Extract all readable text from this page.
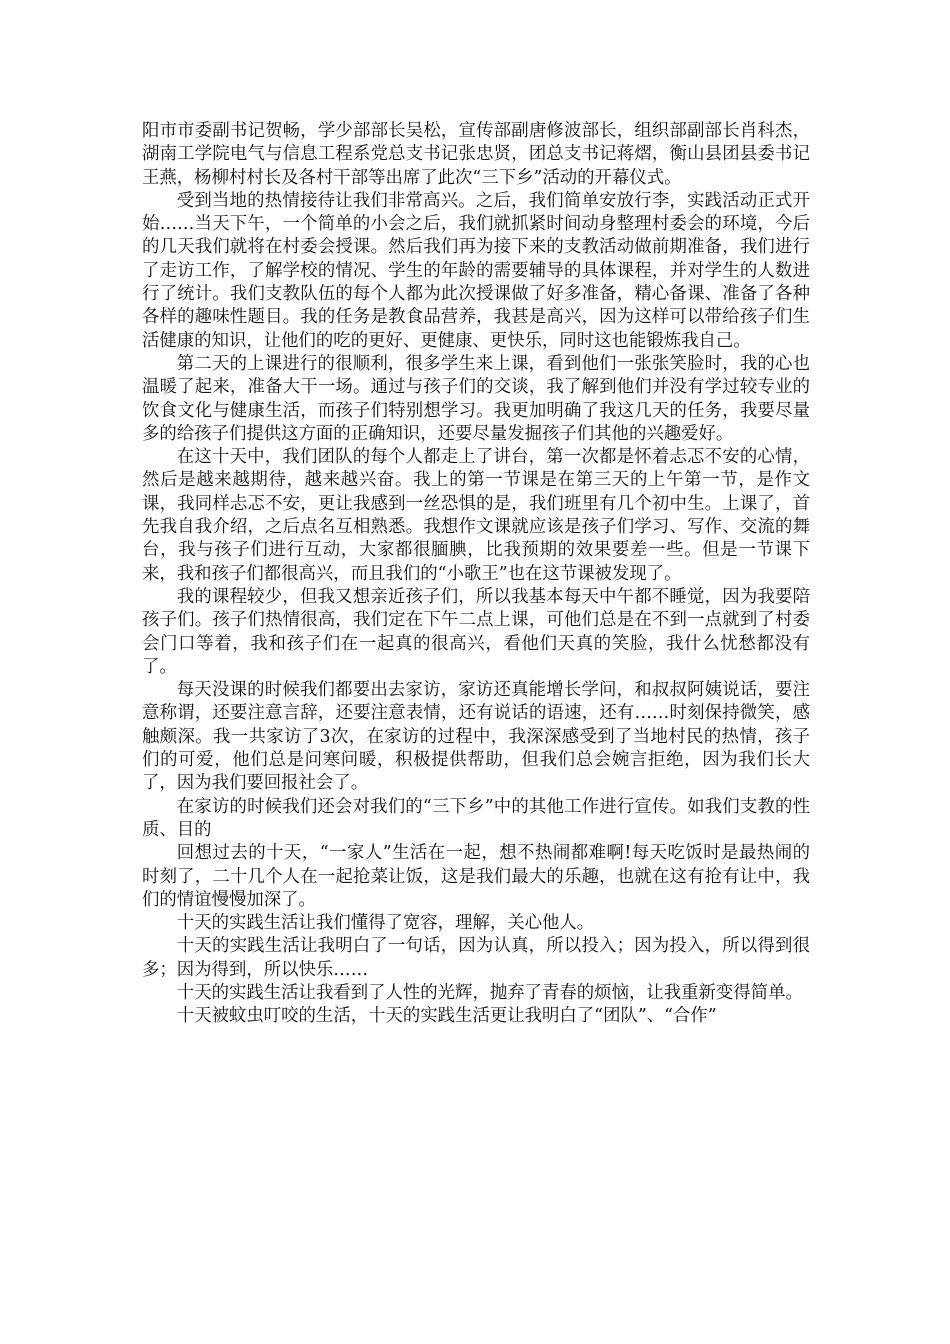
阳市市委副书记贺畅，学少部部长吴松，宣传部副唐修波部长，组织部副部长肖科杰，湖南工学院电气与信息工程系党总支书记张忠贤，团总支书记蒋熠，衡山县团县委书记王燕，杨柳村村长及各村干部等出席了此次“三下乡”活动的开幕仪式。

受到当地的热情接待让我们非常高兴。之后，我们简单安放行李，实践活动正式开始……当天下午，一个简单的小会之后，我们就抓紧时间动身整理村委会的环境，今后的几天我们就将在村委会授课。然后我们再为接下来的支教活动做前期准备，我们进行了走访工作，了解学校的情况、学生的年龄的需要辅导的具体课程，并对学生的人数进行了统计。我们支教队伍的每个人都为此次授课做了好多准备，精心备课、准备了各种各样的趣味性题目。我的任务是教食品营养，我甚是高兴，因为这样可以带给孩子们生活健康的知识，让他们的吃的更好、更健康、更快乐，同时这也能锻炼我自己。

第二天的上课进行的很顺利，很多学生来上课，看到他们一张张笑脸时，我的心也温暖了起来，准备大干一场。通过与孩子们的交谈，我了解到他们并没有学过较专业的饮食文化与健康生活，而孩子们特别想学习。我更加明确了我这几天的任务，我要尽量多的给孩子们提供这方面的正确知识，还要尽量发掘孩子们其他的兴趣爱好。

在这十天中，我们团队的每个人都走上了讲台，第一次都是怀着忐忑不安的心情，然后是越来越期待，越来越兴奋。我上的第一节课是在第三天的上午第一节，是作文课，我同样忐忑不安，更让我感到一丝恐惧的是，我们班里有几个初中生。上课了，首先我自我介绍，之后点名互相熟悉。我想作文课就应该是孩子们学习、写作、交流的舞台，我与孩子们进行互动，大家都很腼腆，比我预期的效果要差一些。但是一节课下来，我和孩子们都很高兴，而且我们的“小歌王”也在这节课被发现了。

我的课程较少，但我又想亲近孩子们，所以我基本每天中午都不睡觉，因为我要陪孩子们。孩子们热情很高，我们定在下午二点上课，可他们总是在不到一点就到了村委会门口等着，我和孩子们在一起真的很高兴，看他们天真的笑脸，我什么忧愁都没有了。

每天没课的时候我们都要出去家访，家访还真能增长学问，和叔叔阿姨说话，要注意称谓，还要注意言辞，还要注意表情，还有说话的语速，还有……时刻保持微笑，感触颇深。我一共家访了3次，在家访的过程中，我深深感受到了当地村民的热情，孩子们的可爱，他们总是问寒问暖，积极提供帮助，但我们总会婉言拒绝，因为我们长大了，因为我们要回报社会了。

在家访的时候我们还会对我们的“三下乡”中的其他工作进行宣传。如我们支教的性质、目的

回想过去的十天，“一家人”生活在一起，想不热闹都难啊!每天吃饭时是最热闹的时刻了，二十几个人在一起抢菜让饭，这是我们最大的乐趣，也就在这有抢有让中，我们的情谊慢慢加深了。

十天的实践生活让我们懂得了宽容，理解，关心他人。

十天的实践生活让我明白了一句话，因为认真，所以投入；因为投入，所以得到很多；因为得到，所以快乐……

十天的实践生活让我看到了人性的光辉，抛弃了青春的烦恼，让我重新变得简单。

十天被蚊虫叮咬的生活，十天的实践生活更让我明白了“团队”、“合作”
